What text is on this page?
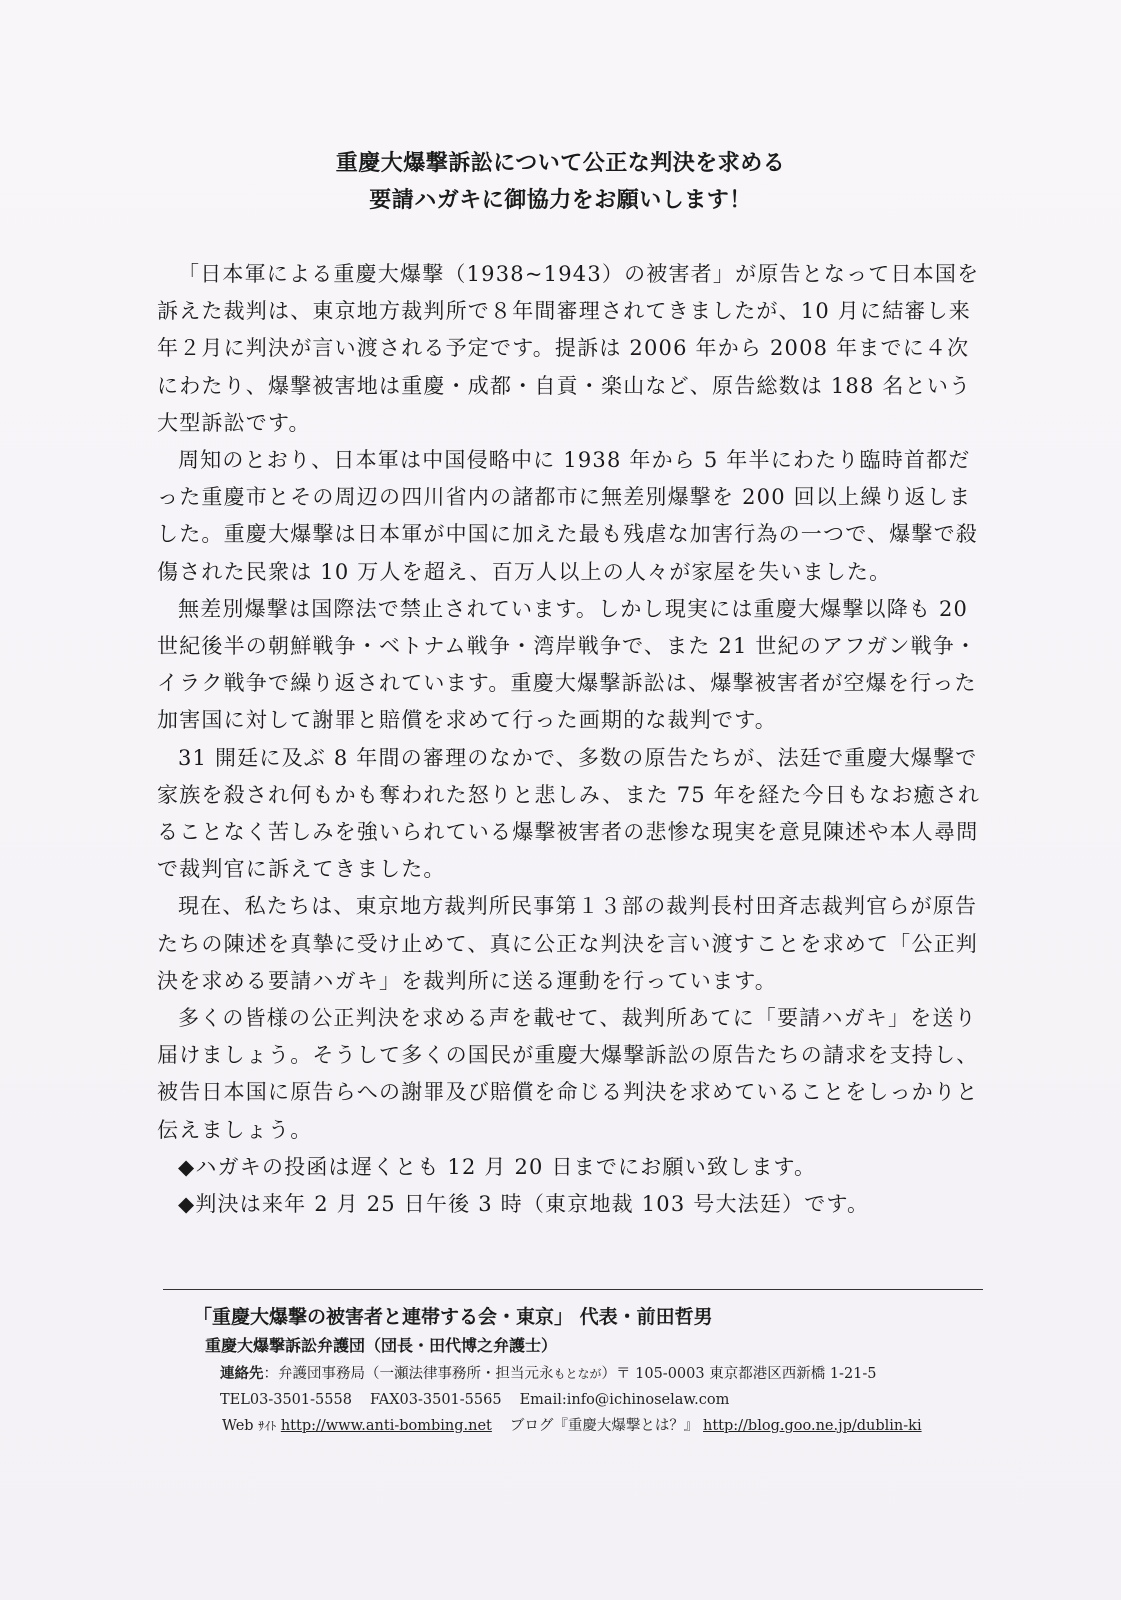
重慶大爆撃訴訟について公正な判決を求める
要請ハガキに御協力をお願いします！

「日本軍による重慶大爆撃（1938~1943）の被害者」が原告となって日本国を訴えた裁判は、東京地方裁判所で８年間審理されてきましたが、10 月に結審し来年２月に判決が言い渡される予定です。提訴は 2006 年から 2008 年までに４次にわたり、爆撃被害地は重慶・成都・自貢・楽山など、原告総数は 188 名という大型訴訟です。

周知のとおり、日本軍は中国侵略中に 1938 年から 5 年半にわたり臨時首都だった重慶市とその周辺の四川省内の諸都市に無差別爆撃を 200 回以上繰り返しました。重慶大爆撃は日本軍が中国に加えた最も残虐な加害行為の一つで、爆撃で殺傷された民衆は 10 万人を超え、百万人以上の人々が家屋を失いました。

無差別爆撃は国際法で禁止されています。しかし現実には重慶大爆撃以降も 20 世紀後半の朝鮮戦争・ベトナム戦争・湾岸戦争で、また 21 世紀のアフガン戦争・イラク戦争で繰り返されています。重慶大爆撃訴訟は、爆撃被害者が空爆を行った加害国に対して謝罪と賠償を求めて行った画期的な裁判です。

31 開廷に及ぶ 8 年間の審理のなかで、多数の原告たちが、法廷で重慶大爆撃で家族を殺され何もかも奪われた怒りと悲しみ、また 75 年を経た今日もなお癒されることなく苦しみを強いられている爆撃被害者の悲惨な現実を意見陳述や本人尋問で裁判官に訴えてきました。

現在、私たちは、東京地方裁判所民事第１３部の裁判長村田斉志裁判官らが原告たちの陳述を真摯に受け止めて、真に公正な判決を言い渡すことを求めて「公正判決を求める要請ハガキ」を裁判所に送る運動を行っています。

多くの皆様の公正判決を求める声を載せて、裁判所あてに「要請ハガキ」を送り届けましょう。そうして多くの国民が重慶大爆撃訴訟の原告たちの請求を支持し、被告日本国に原告らへの謝罪及び賠償を命じる判決を求めていることをしっかりと伝えましょう。

◆ハガキの投函は遅くとも 12 月 20 日までにお願い致します。

◆判決は来年 2 月 25 日午後 3 時（東京地裁 103 号大法廷）です。

「重慶大爆撃の被害者と連帯する会・東京」 代表・前田哲男
重慶大爆撃訴訟弁護団（団長・田代博之弁護士）
連絡先：弁護団事務局（一瀬法律事務所・担当元永もとなが）〒 105-0003 東京都港区西新橋 1-21-5
TEL03-3501-5558 FAX03-3501-5565 Email:info@ichinoselaw.com
Web ｻｲﾄ http://www.anti-bombing.net ブログ『重慶大爆撃とは？』 http://blog.goo.ne.jp/dublin-ki
